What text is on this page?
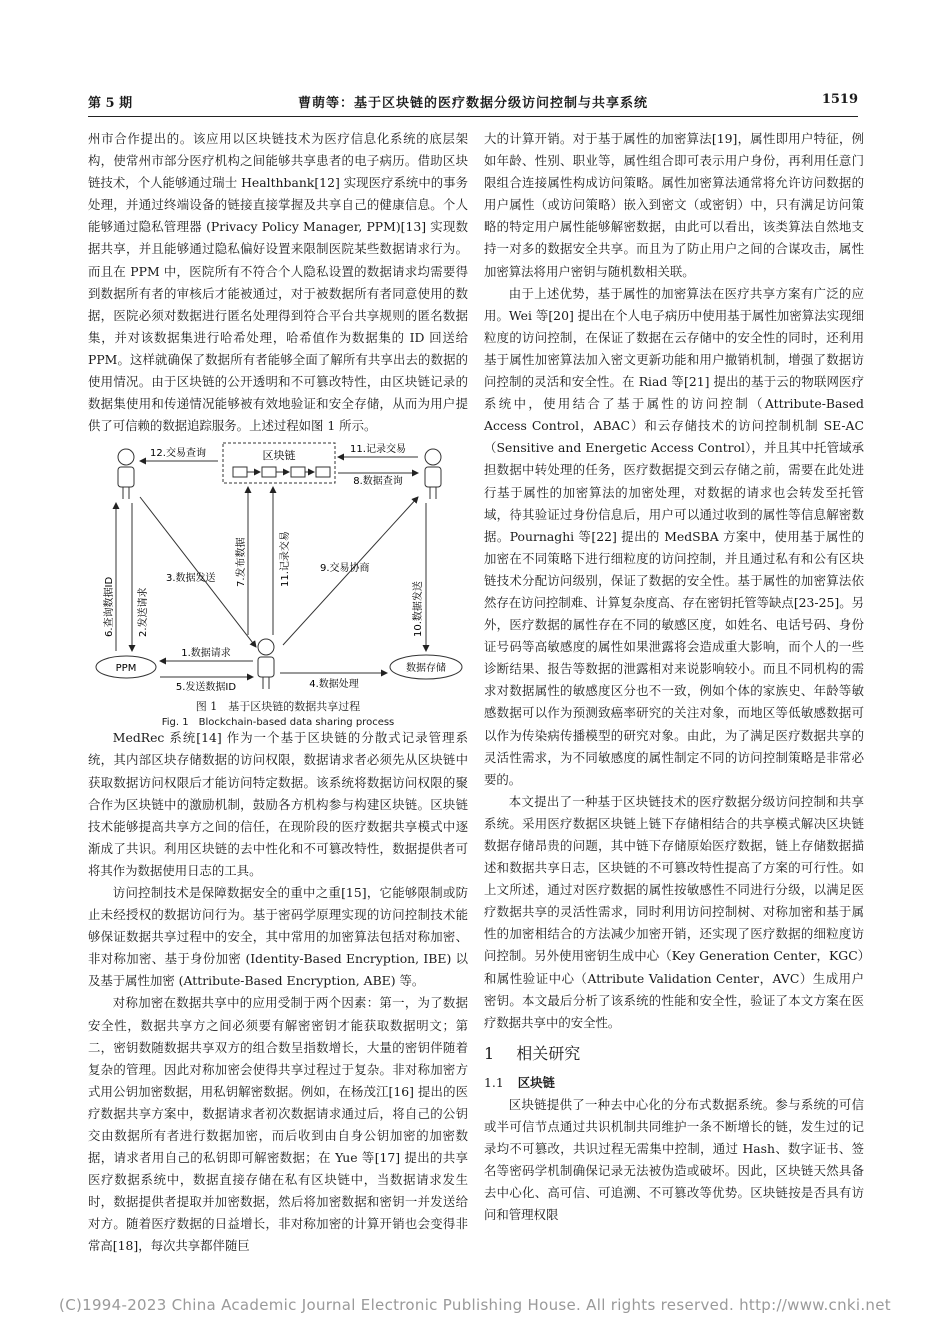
第 5 期	曹萌等：基于区块链的医疗数据分级访问控制与共享系统	1519

州市合作提出的。该应用以区块链技术为医疗信息化系统的底层架构，使常州市部分医疗机构之间能够共享患者的电子病历。借助区块链技术，个人能够通过瑞士 Healthbank[12] 实现医疗系统中的事务处理，并通过终端设备的链接直接掌握及共享自己的健康信息。个人能够通过隐私管理器 (Privacy Policy Manager, PPM)[13] 实现数据共享，并且能够通过隐私偏好设置来限制医院某些数据请求行为。而且在 PPM 中，医院所有不符合个人隐私设置的数据请求均需要得到数据所有者的审核后才能被通过，对于被数据所有者同意使用的数据，医院必须对数据进行匿名处理得到符合平台共享规则的匿名数据集，并对该数据集进行哈希处理，哈希值作为数据集的 ID 回送给 PPM。这样就确保了数据所有者能够全面了解所有共享出去的数据的使用情况。由于区块链的公开透明和不可篡改特性，由区块链记录的数据集使用和传递情况能够被有效地验证和安全存储，从而为用户提供了可信赖的数据追踪服务。上述过程如图 1 所示。

区块链
PPM	数据存储
12.交易查询	11.记录交易
8.数据查询
3.数据发送 7.发布数据	11.记录交易	9.交易协商
6.查询数据ID 2.发送请求	10.数据发送
1.数据请求
5.发送数据ID	4.数据处理
图 1　基于区块链的数据共享过程
Fig. 1　Blockchain-based data sharing process

MedRec 系统[14] 作为一个基于区块链的分散式记录管理系统，其内部区块存储数据的访问权限，数据请求者必须先从区块链中获取数据访问权限后才能访问特定数据。该系统将数据访问权限的聚合作为区块链中的激励机制，鼓励各方机构参与构建区块链。区块链技术能够提高共享方之间的信任，在现阶段的医疗数据共享模式中逐渐成了共识。利用区块链的去中性化和不可篡改特性，数据提供者可将其作为数据使用日志的工具。

访问控制技术是保障数据安全的重中之重[15]，它能够限制或防止未经授权的数据访问行为。基于密码学原理实现的访问控制技术能够保证数据共享过程中的安全，其中常用的加密算法包括对称加密、非对称加密、基于身份加密 (Identity-Based Encryption, IBE) 以及基于属性加密 (Attribute-Based Encryption, ABE) 等。

对称加密在数据共享中的应用受制于两个因素：第一，为了数据安全性，数据共享方之间必须要有解密密钥才能获取数据明文；第二，密钥数随数据共享双方的组合数呈指数增长，大量的密钥伴随着复杂的管理。因此对称加密会使得共享过程过于复杂。非对称加密方式用公钥加密数据，用私钥解密数据。例如，在杨茂江[16] 提出的医疗数据共享方案中，数据请求者初次数据请求通过后，将自己的公钥交由数据所有者进行数据加密，而后收到由自身公钥加密的加密数据，请求者用自己的私钥即可解密数据；在 Yue 等[17] 提出的共享医疗数据系统中，数据直接存储在私有区块链中，当数据请求发生时，数据提供者提取并加密数据，然后将加密数据和密钥一并发送给对方。随着医疗数据的日益增长，非对称加密的计算开销也会变得非常高[18]，每次共享都伴随巨

大的计算开销。对于基于属性的加密算法[19]，属性即用户特征，例如年龄、性别、职业等，属性组合即可表示用户身份，再利用任意门限组合连接属性构成访问策略。属性加密算法通常将允许访问数据的用户属性（或访问策略）嵌入到密文（或密钥）中，只有满足访问策略的特定用户属性能够解密数据，由此可以看出，该类算法自然地支持一对多的数据安全共享。而且为了防止用户之间的合谋攻击，属性加密算法将用户密钥与随机数相关联。

由于上述优势，基于属性的加密算法在医疗共享方案有广泛的应用。Wei 等[20] 提出在个人电子病历中使用基于属性加密算法实现细粒度的访问控制，在保证了数据在云存储中的安全性的同时，还利用基于属性加密算法加入密文更新功能和用户撤销机制，增强了数据访问控制的灵活和安全性。在 Riad 等[21] 提出的基于云的物联网医疗系统中，使用结合了基于属性的访问控制（Attribute-Based Access Control，ABAC）和云存储技术的访问控制机制 SE-AC（Sensitive and Energetic Access Control），并且其中托管域承担数据中转处理的任务，医疗数据提交到云存储之前，需要在此处进行基于属性的加密算法的加密处理，对数据的请求也会转发至托管域，待其验证过身份信息后，用户可以通过收到的属性等信息解密数据。Pournaghi 等[22] 提出的 MedSBA 方案中，使用基于属性的加密在不同策略下进行细粒度的访问控制，并且通过私有和公有区块链技术分配访问级别，保证了数据的安全性。基于属性的加密算法依然存在访问控制难、计算复杂度高、存在密钥托管等缺点[23-25]。另外，医疗数据的属性存在不同的敏感区度，如姓名、电话号码、身份证号码等高敏感度的属性如果泄露将会造成重大影响，而个人的一些诊断结果、报告等数据的泄露相对来说影响较小。而且不同机构的需求对数据属性的敏感度区分也不一致，例如个体的家族史、年龄等敏感数据可以作为预测致癌率研究的关注对象，而地区等低敏感数据可以作为传染病传播模型的研究对象。由此，为了满足医疗数据共享的灵活性需求，为不同敏感度的属性制定不同的访问控制策略是非常必要的。

本文提出了一种基于区块链技术的医疗数据分级访问控制和共享系统。采用医疗数据区块链上链下存储相结合的共享模式解决区块链数据存储昂贵的问题，其中链下存储原始医疗数据，链上存储数据描述和数据共享日志，区块链的不可篡改特性提高了方案的可行性。如上文所述，通过对医疗数据的属性按敏感性不同进行分级，以满足医疗数据共享的灵活性需求，同时利用访问控制树、对称加密和基于属性的加密相结合的方法减少加密开销，还实现了医疗数据的细粒度访问控制。另外使用密钥生成中心（Key Generation Center，KGC）和属性验证中心（Attribute Validation Center，AVC）生成用户密钥。本文最后分析了该系统的性能和安全性，验证了本文方案在医疗数据共享中的安全性。

1 相关研究
1.1 区块链

区块链提供了一种去中心化的分布式数据系统。参与系统的可信或半可信节点通过共识机制共同维护一条不断增长的链，发生过的记录均不可篡改，共识过程无需集中控制，通过 Hash、数字证书、签名等密码学机制确保记录无法被伪造或破坏。因此，区块链天然具备去中心化、高可信、可追溯、不可篡改等优势。区块链按是否具有访问和管理权限

(C)1994-2023 China Academic Journal Electronic Publishing House. All rights reserved. http://www.cnki.net
